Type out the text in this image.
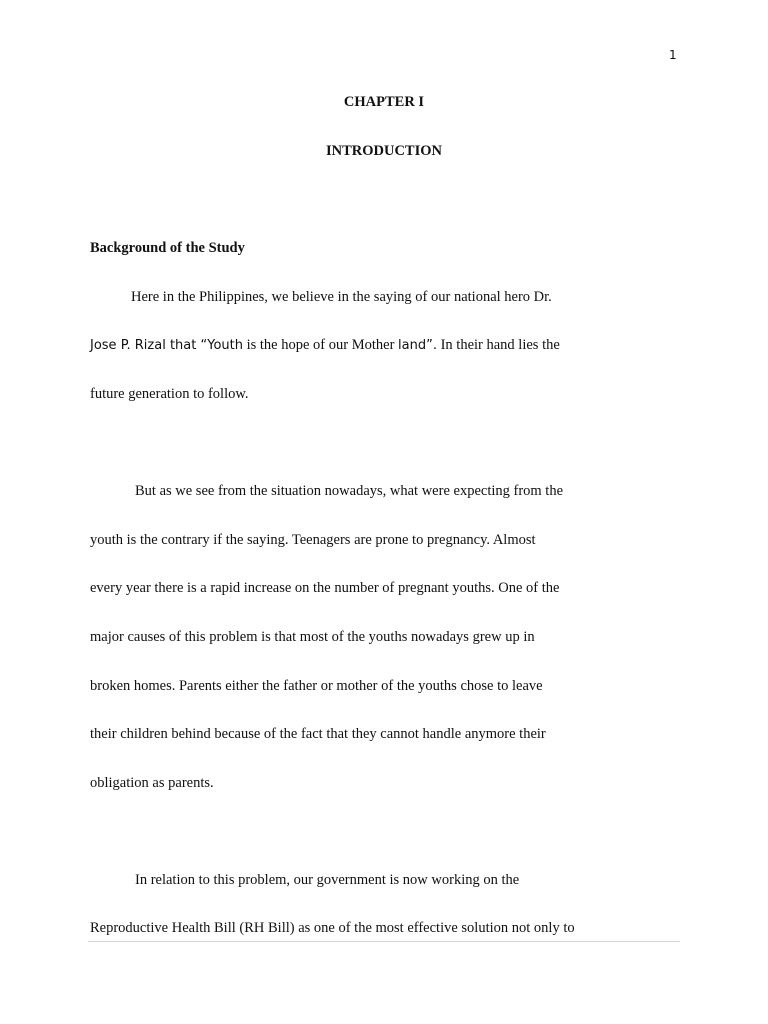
1
CHAPTER I
INTRODUCTION
Background of the Study
Here in the Philippines, we believe in the saying of our national hero Dr.
Jose P. Rizal that “Youth is the hope of our Mother land”. In their hand lies the
future generation to follow.
But as we see from the situation nowadays, what were expecting from the
youth is the contrary if the saying. Teenagers are prone to pregnancy. Almost
every year there is a rapid increase on the number of pregnant youths. One of the
major causes of this problem is that most of the youths nowadays grew up in
broken homes. Parents either the father or mother of the youths chose to leave
their children behind because of the fact that they cannot handle anymore their
obligation as parents.
In relation to this problem, our government is now working on the
Reproductive Health Bill (RH Bill) as one of the most effective solution not only to
